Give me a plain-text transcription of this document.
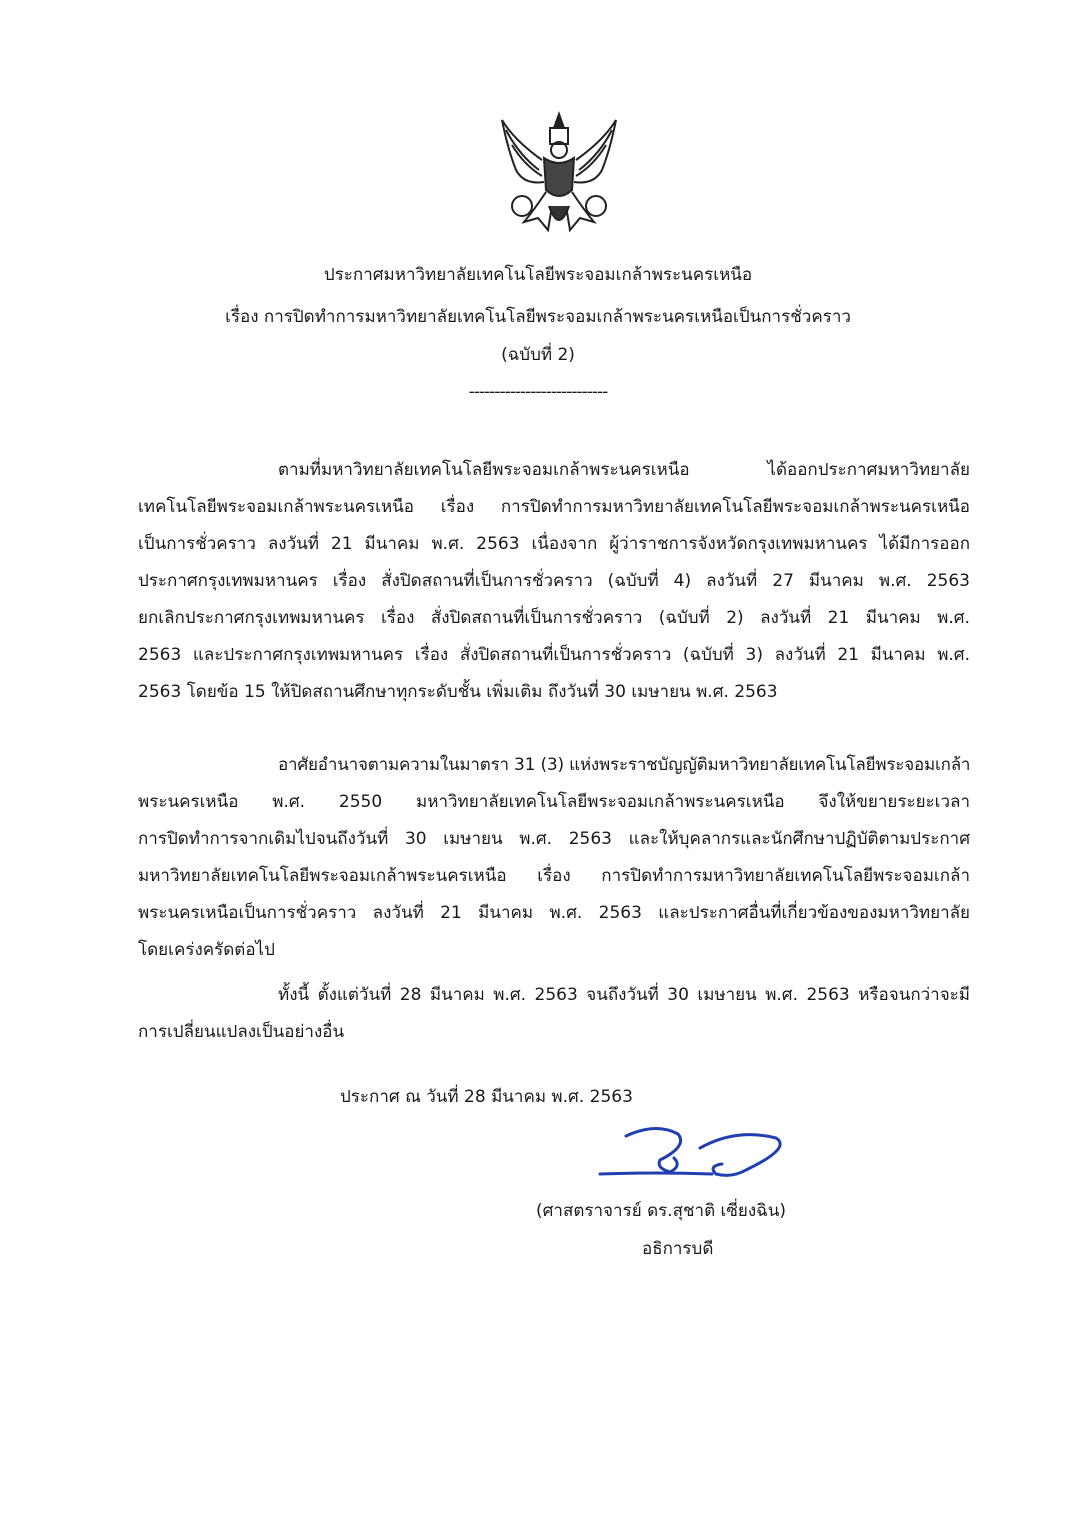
ประกาศมหาวิทยาลัยเทคโนโลยีพระจอมเกล้าพระนครเหนือ
เรื่อง การปิดทำการมหาวิทยาลัยเทคโนโลยีพระจอมเกล้าพระนครเหนือเป็นการชั่วคราว
(ฉบับที่ 2)
---------------------------
ตามที่มหาวิทยาลัยเทคโนโลยีพระจอมเกล้าพระนครเหนือ ได้ออกประกาศมหาวิทยาลัย
เทคโนโลยีพระจอมเกล้าพระนครเหนือ เรื่อง การปิดทำการมหาวิทยาลัยเทคโนโลยีพระจอมเกล้าพระนครเหนือ
เป็นการชั่วคราว ลงวันที่ 21 มีนาคม พ.ศ. 2563 เนื่องจาก ผู้ว่าราชการจังหวัดกรุงเทพมหานคร ได้มีการออก
ประกาศกรุงเทพมหานคร เรื่อง สั่งปิดสถานที่เป็นการชั่วคราว (ฉบับที่ 4) ลงวันที่ 27 มีนาคม พ.ศ. 2563
ยกเลิกประกาศกรุงเทพมหานคร เรื่อง สั่งปิดสถานที่เป็นการชั่วคราว (ฉบับที่ 2) ลงวันที่ 21 มีนาคม พ.ศ.
2563 และประกาศกรุงเทพมหานคร เรื่อง สั่งปิดสถานที่เป็นการชั่วคราว (ฉบับที่ 3) ลงวันที่ 21 มีนาคม พ.ศ.
2563 โดยข้อ 15 ให้ปิดสถานศึกษาทุกระดับชั้น เพิ่มเติม ถึงวันที่ 30 เมษายน พ.ศ. 2563
อาศัยอำนาจตามความในมาตรา 31 (3) แห่งพระราชบัญญัติมหาวิทยาลัยเทคโนโลยีพระจอมเกล้า
พระนครเหนือ พ.ศ. 2550 มหาวิทยาลัยเทคโนโลยีพระจอมเกล้าพระนครเหนือ จึงให้ขยายระยะเวลา
การปิดทำการจากเดิมไปจนถึงวันที่ 30 เมษายน พ.ศ. 2563 และให้บุคลากรและนักศึกษาปฏิบัติตามประกาศ
มหาวิทยาลัยเทคโนโลยีพระจอมเกล้าพระนครเหนือ เรื่อง การปิดทำการมหาวิทยาลัยเทคโนโลยีพระจอมเกล้า
พระนครเหนือเป็นการชั่วคราว ลงวันที่ 21 มีนาคม พ.ศ. 2563 และประกาศอื่นที่เกี่ยวข้องของมหาวิทยาลัย
โดยเคร่งครัดต่อไป
ทั้งนี้ ตั้งแต่วันที่ 28 มีนาคม พ.ศ. 2563 จนถึงวันที่ 30 เมษายน พ.ศ. 2563 หรือจนกว่าจะมี
การเปลี่ยนแปลงเป็นอย่างอื่น
ประกาศ ณ วันที่ 28 มีนาคม พ.ศ. 2563
(ศาสตราจารย์ ดร.สุชาติ เซี่ยงฉิน)
อธิการบดี
